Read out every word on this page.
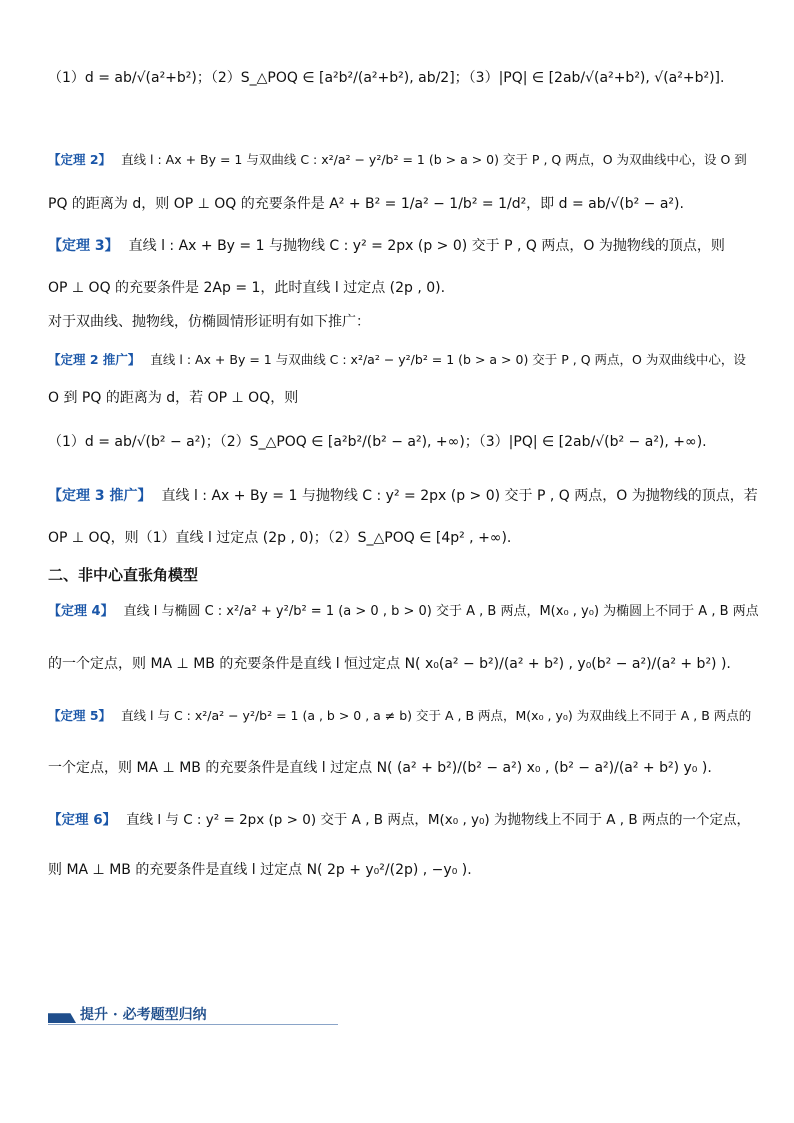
（1）d = ab/√(a²+b²)；（2）S_△POQ ∈ [a²b²/(a²+b²), ab/2]；（3）|PQ| ∈ [2ab/√(a²+b²), √(a²+b²)].
【定理 2】 直线 l : Ax + By = 1 与双曲线 C : x²/a² − y²/b² = 1 (b > a > 0) 交于 P , Q 两点，O 为双曲线中心，设 O 到
PQ 的距离为 d，则 OP ⊥ OQ 的充要条件是 A² + B² = 1/a² − 1/b² = 1/d²，即 d = ab/√(b² − a²).
【定理 3】 直线 l : Ax + By = 1 与抛物线 C : y² = 2px (p > 0) 交于 P , Q 两点，O 为抛物线的顶点，则
OP ⊥ OQ 的充要条件是 2Ap = 1，此时直线 l 过定点 (2p , 0).
对于双曲线、抛物线，仿椭圆情形证明有如下推广：
【定理 2 推广】 直线 l : Ax + By = 1 与双曲线 C : x²/a² − y²/b² = 1 (b > a > 0) 交于 P , Q 两点，O 为双曲线中心，设
O 到 PQ 的距离为 d，若 OP ⊥ OQ，则
（1）d = ab/√(b² − a²)；（2）S_△POQ ∈ [a²b²/(b² − a²), +∞)；（3）|PQ| ∈ [2ab/√(b² − a²), +∞).
【定理 3 推广】 直线 l : Ax + By = 1 与抛物线 C : y² = 2px (p > 0) 交于 P , Q 两点，O 为抛物线的顶点，若
OP ⊥ OQ，则（1）直线 l 过定点 (2p , 0)；（2）S_△POQ ∈ [4p² , +∞).
二、非中心直张角模型
【定理 4】 直线 l 与椭圆 C : x²/a² + y²/b² = 1 (a > 0 , b > 0) 交于 A , B 两点，M(x₀ , y₀) 为椭圆上不同于 A , B 两点
的一个定点，则 MA ⊥ MB 的充要条件是直线 l 恒过定点 N( x₀(a² − b²)/(a² + b²) , y₀(b² − a²)/(a² + b²) ).
【定理 5】 直线 l 与 C : x²/a² − y²/b² = 1 (a , b > 0 , a ≠ b) 交于 A , B 两点，M(x₀ , y₀) 为双曲线上不同于 A , B 两点的
一个定点，则 MA ⊥ MB 的充要条件是直线 l 过定点 N( (a² + b²)/(b² − a²) x₀ , (b² − a²)/(a² + b²) y₀ ).
【定理 6】 直线 l 与 C : y² = 2px (p > 0) 交于 A , B 两点，M(x₀ , y₀) 为抛物线上不同于 A , B 两点的一个定点，
则 MA ⊥ MB 的充要条件是直线 l 过定点 N( 2p + y₀²/(2p) , −y₀ ).
提升 · 必考题型归纳
